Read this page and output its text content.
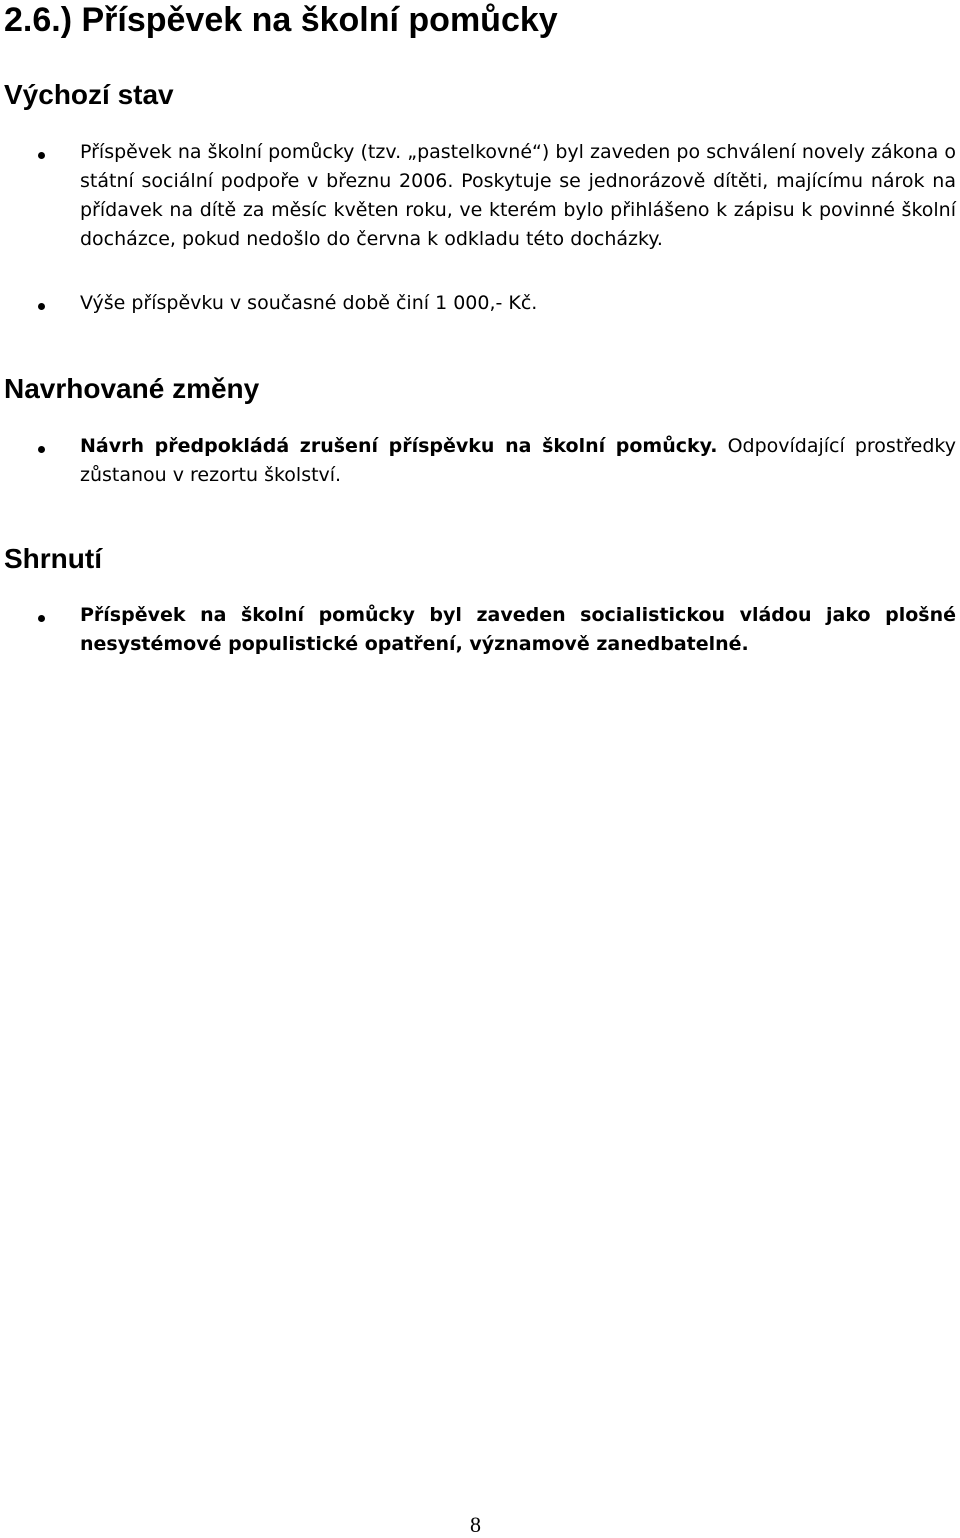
2.6.) Příspěvek na školní pomůcky
Výchozí stav

Příspěvek na školní pomůcky (tzv. „pastelkovné“) byl zaveden po schválení novely zákona o státní sociální podpoře v březnu 2006. Poskytuje se jednorázově dítěti, majícímu nárok na přídavek na dítě za měsíc květen roku, ve kterém bylo přihlášeno k zápisu k povinné školní docházce, pokud nedošlo do června k odkladu této docházky.

Výše příspěvku v současné době činí 1 000,- Kč.

Navrhované změny

Návrh předpokládá zrušení příspěvku na školní pomůcky. Odpovídající prostředky zůstanou v rezortu školství.

Shrnutí

Příspěvek na školní pomůcky byl zaveden socialistickou vládou jako plošné nesystémové populistické opatření, významově zanedbatelné.

8
